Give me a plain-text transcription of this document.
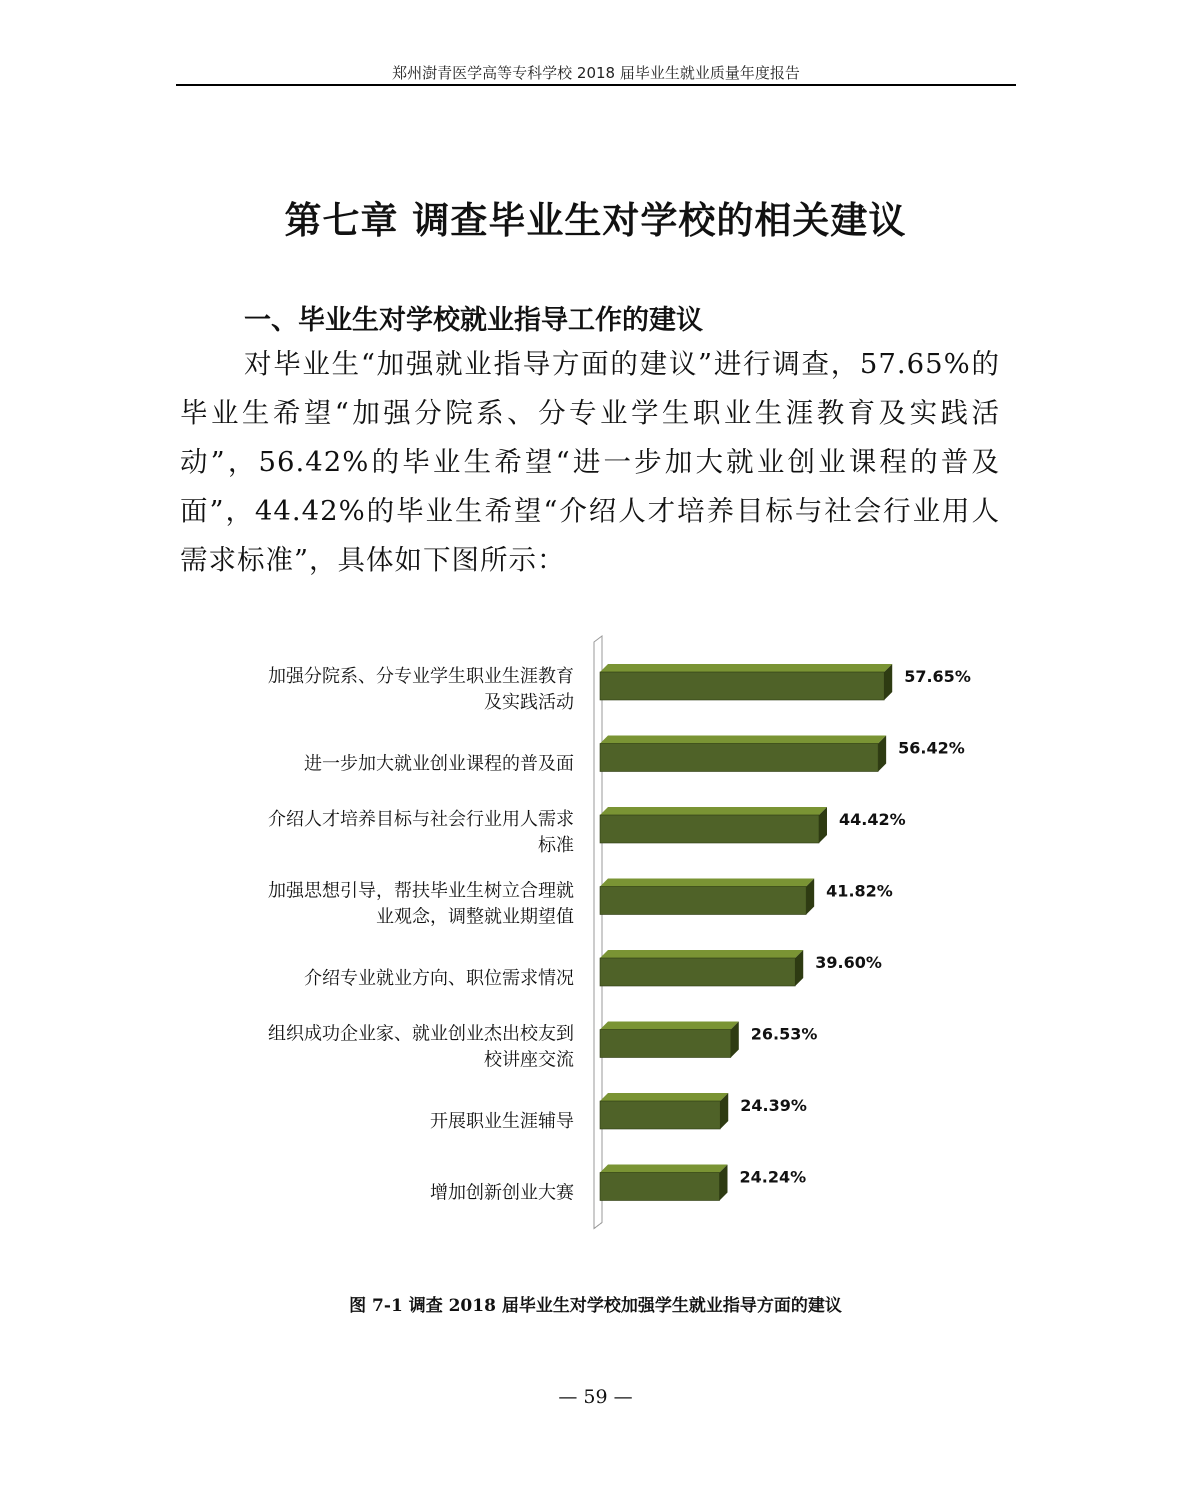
郑州澍青医学高等专科学校 2018 届毕业生就业质量年度报告
第七章 调查毕业生对学校的相关建议
一、毕业生对学校就业指导工作的建议
对毕业生“加强就业指导方面的建议”进行调查，57.65%的毕业生希望“加强分院系、分专业学生职业生涯教育及实践活动”，56.42%的毕业生希望“进一步加大就业创业课程的普及面”，44.42%的毕业生希望“介绍人才培养目标与社会行业用人需求标准”，具体如下图所示：
57.65%
加强分院系、分专业学生职业生涯教育
及实践活动
56.42%
进一步加大就业创业课程的普及面
44.42%
介绍人才培养目标与社会行业用人需求
标准
41.82%
加强思想引导，帮扶毕业生树立合理就
业观念，调整就业期望值
39.60%
介绍专业就业方向、职位需求情况
26.53%
组织成功企业家、就业创业杰出校友到
校讲座交流
24.39%
开展职业生涯辅导
24.24%
增加创新创业大赛
图 7-1 调查 2018 届毕业生对学校加强学生就业指导方面的建议
— 59 —
